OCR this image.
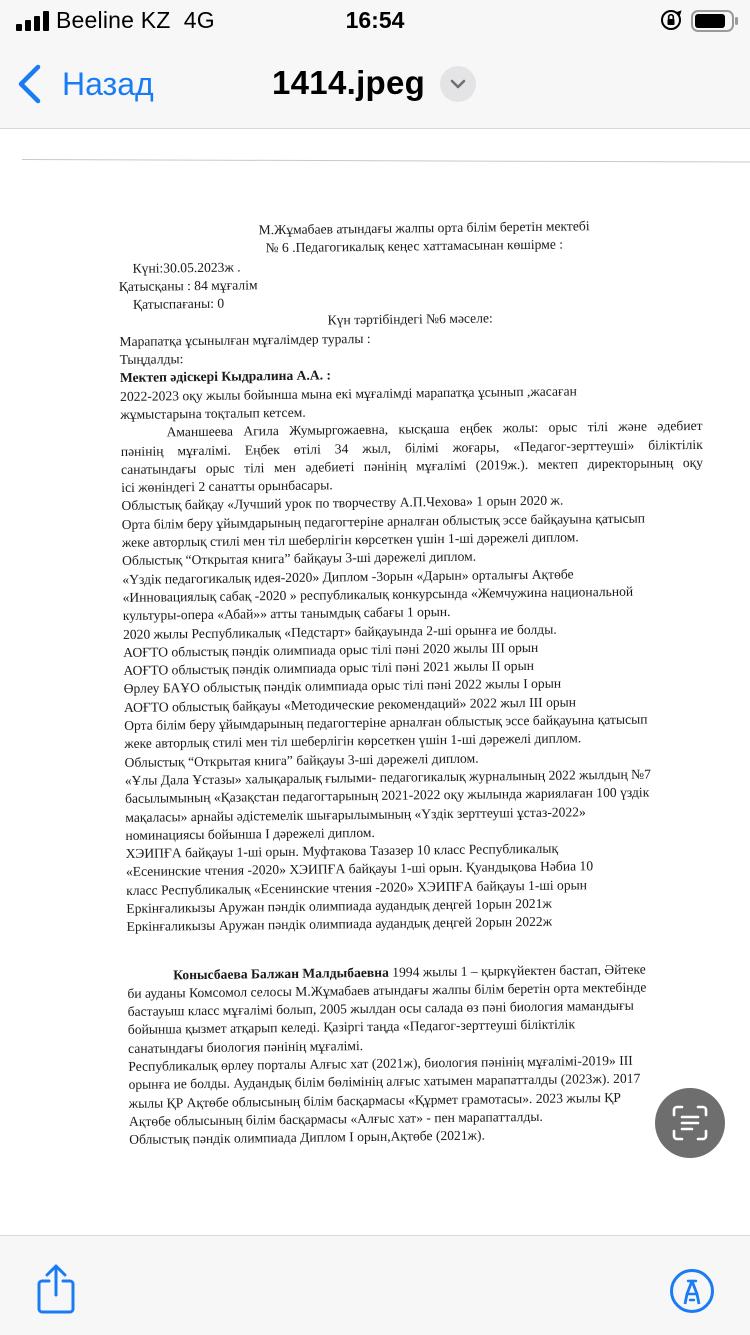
Beeline KZ 4G	16:54
Назад	1414.jpeg

М.Жұмабаев атындағы жалпы орта білім беретін мектебі

№ 6 .Педагогикалық кеңес хаттамасынан көшірме :

Күні:30.05.2023ж .

Қатысқаны : 84 мұғалім

Қатыспағаны: 0

Күн тәртібіндегі №6 мәселе:

Марапатқа ұсынылған мұғалімдер туралы :

Тыңдалды:

Мектеп әдіскері Кыдралина А.А. :

2022-2023 оқу жылы бойынша мына екі мұғалімді марапатқа ұсынып ,жасаған

жұмыстарына тоқталып кетсем.

Аманшеева Агила Жумыргожаевна, кысқаша еңбек жолы: орыс тілі және әдебиет

пәнінің мұғалімі. Еңбек өтілі 34 жыл, білімі жоғары, «Педагог-зерттеуші» біліктілік

санатындағы орыс тілі мен әдебиеті пәнінің мұғалімі (2019ж.). мектеп директорының оқу

ісі жөніндегі 2 санатты орынбасары.

Облыстық байқау «Лучший урок по творчеству А.П.Чехова» 1 орын 2020 ж.

Орта білім беру ұйымдарының педагогтеріне арналған облыстық эссе байқауына қатысып

жеке авторлық стилі мен тіл шеберлігін көрсеткен үшін 1-ші дәрежелі диплом.

Облыстық “Открытая книга” байқауы 3-ші дәрежелі диплом.

«Үздік педагогикалық идея-2020» Диплом -3орын «Дарын» орталығы Ақтөбе

«Инновациялық сабақ -2020 » республикалық конкурсында «Жемчужина национальной

культуры-опера «Абай»» атты танымдық сабағы 1 орын.

2020 жылы Республикалық «Педстарт» байқауында 2-ші орынға ие болды.

АОҒТО облыстық пәндік олимпиада орыс тілі пәні 2020 жылы III орын

АОҒТО облыстық пәндік олимпиада орыс тілі пәні 2021 жылы II орын

Өрлеу БАҰО облыстық пәндік олимпиада орыс тілі пәні 2022 жылы I орын

АОҒТО облыстық байқауы «Методические рекомендаций» 2022 жыл III орын

Орта білім беру ұйымдарының педагогтеріне арналған облыстық эссе байқауына қатысып

жеке авторлық стилі мен тіл шеберлігін көрсеткен үшін 1-ші дәрежелі диплом.

Облыстық “Открытая книга” байқауы 3-ші дәрежелі диплом.

«Ұлы Дала Ұстазы» халықаралық ғылыми- педагогикалық журналының 2022 жылдың №7

басылымының «Қазақстан педагогтарының 2021-2022 оқу жылында жариялаған 100 үздік

мақаласы» арнайы әдістемелік шығарылымының «Үздік зерттеуші ұстаз-2022»

номинациясы бойынша I дәрежелі диплом.

ХЭИПҒА байқауы 1-ші орын. Муфтакова Тазазер 10 класс Республикалық

«Есенинские чтения -2020» ХЭИПҒА байқауы 1-ші орын. Қуандықова Нәбиа 10

класс Республикалық «Есенинские чтения -2020» ХЭИПҒА байқауы 1-ші орын

Еркінғаликызы Аружан пәндік олимпиада аудандық деңгей 1орын 2021ж

Еркінғаликызы Аружан пәндік олимпиада аудандық деңгей 2орын 2022ж

Конысбаева Балжан Малдыбаевна 1994 жылы 1 – қыркүйектен бастап, Әйтеке

би ауданы Комсомол селосы М.Жұмабаев атындағы жалпы білім беретін орта мектебінде

бастауыш класс мұғалімі болып, 2005 жылдан осы салада өз пәні биология мамандығы

бойынша қызмет атқарып келеді. Қазіргі таңда «Педагог-зерттеуші біліктілік

санатындағы биология пәнінің мұғалімі.

Республикалық өрлеу порталы Алғыс хат (2021ж), биология пәнінің мұғалімі-2019» III

орынға ие болды. Аудандық білім бөлімінің алғыс хатымен марапатталды (2023ж). 2017

жылы ҚР Ақтөбе облысының білім басқармасы «Құрмет грамотасы». 2023 жылы ҚР

Ақтөбе облысының білім басқармасы «Алғыс хат» - пен марапатталды.

Облыстық пәндік олимпиада Диплом I орын,Ақтөбе (2021ж).
